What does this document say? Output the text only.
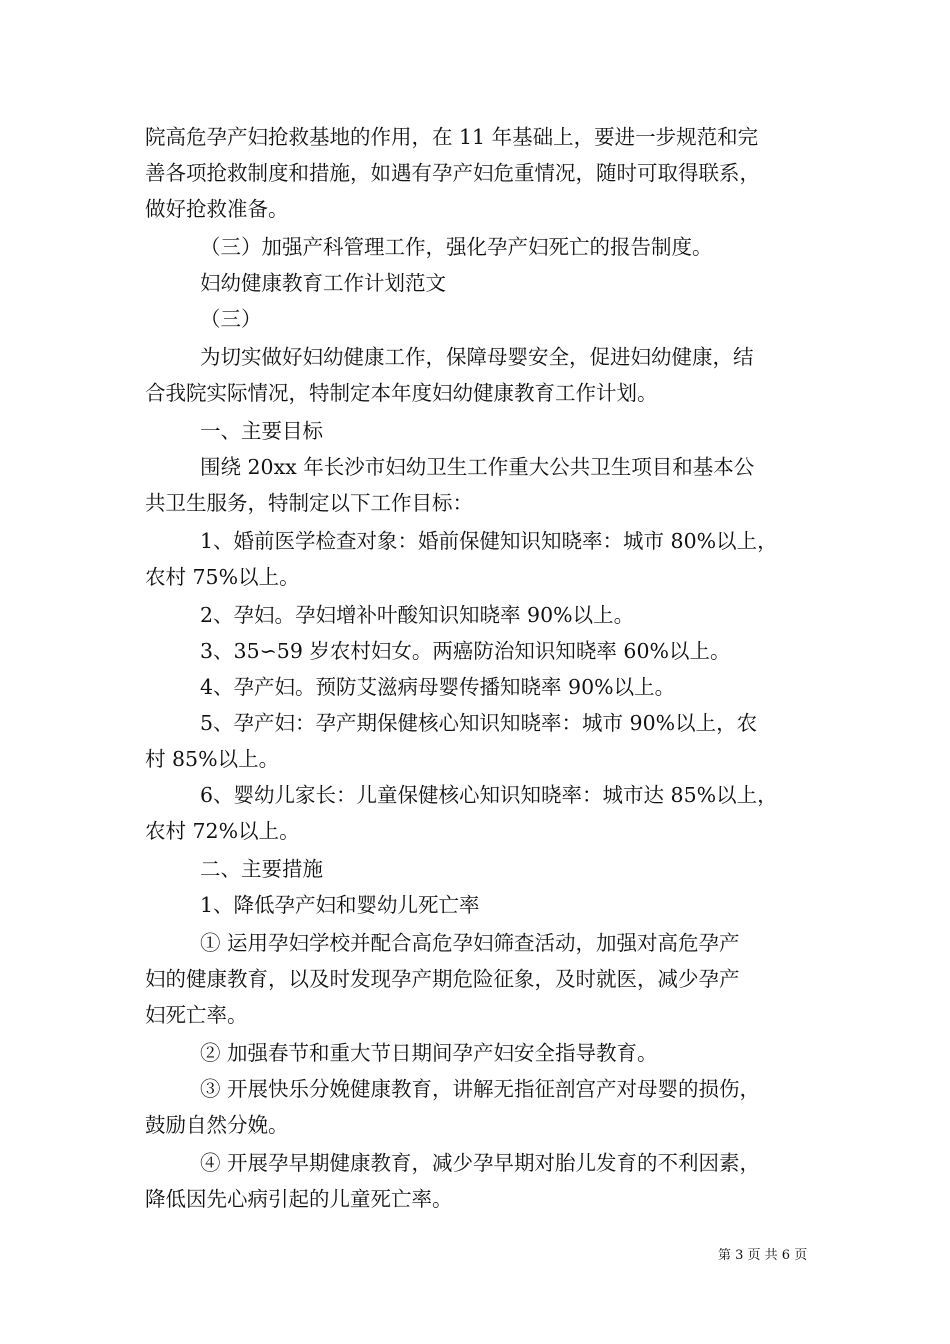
院高危孕产妇抢救基地的作用，在 11 年基础上，要进一步规范和完
善各项抢救制度和措施，如遇有孕产妇危重情况，随时可取得联系，
做好抢救准备。
（三）加强产科管理工作，强化孕产妇死亡的报告制度。
妇幼健康教育工作计划范文
（三）
为切实做好妇幼健康工作，保障母婴安全，促进妇幼健康，结
合我院实际情况，特制定本年度妇幼健康教育工作计划。
一、主要目标
围绕 20xx 年长沙市妇幼卫生工作重大公共卫生项目和基本公
共卫生服务，特制定以下工作目标：
1、婚前医学检查对象：婚前保健知识知晓率：城市 80%以上，
农村 75%以上。
2、孕妇。孕妇增补叶酸知识知晓率 90%以上。
3、35∽59 岁农村妇女。两癌防治知识知晓率 60%以上。
4、孕产妇。预防艾滋病母婴传播知晓率 90%以上。
5、孕产妇：孕产期保健核心知识知晓率：城市 90%以上，农
村 85%以上。
6、婴幼儿家长：儿童保健核心知识知晓率：城市达 85%以上，
农村 72%以上。
二、主要措施
1、降低孕产妇和婴幼儿死亡率
① 运用孕妇学校并配合高危孕妇筛查活动，加强对高危孕产
妇的健康教育，以及时发现孕产期危险征象，及时就医，减少孕产
妇死亡率。
② 加强春节和重大节日期间孕产妇安全指导教育。
③ 开展快乐分娩健康教育，讲解无指征剖宫产对母婴的损伤，
鼓励自然分娩。
④ 开展孕早期健康教育，减少孕早期对胎儿发育的不利因素，
降低因先心病引起的儿童死亡率。
第 3 页 共 6 页
